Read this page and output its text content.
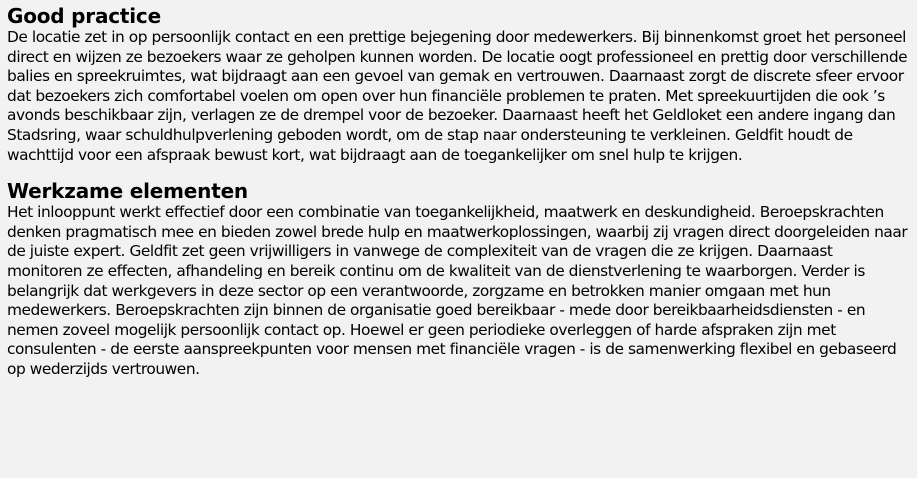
Good practice

De locatie zet in op persoonlijk contact en een prettige bejegening door medewerkers. Bij binnenkomst groet het personeel direct en wijzen ze bezoekers waar ze geholpen kunnen worden. De locatie oogt professioneel en prettig door verschillende balies en spreekruimtes, wat bijdraagt aan een gevoel van gemak en vertrouwen. Daarnaast zorgt de discrete sfeer ervoor dat bezoekers zich comfortabel voelen om open over hun financiële problemen te praten. Met spreekuurtijden die ook ’s avonds beschikbaar zijn, verlagen ze de drempel voor de bezoeker. Daarnaast heeft het Geldloket een andere ingang dan Stadsring, waar schuldhulpverlening geboden wordt, om de stap naar ondersteuning te verkleinen. Geldfit houdt de wachttijd voor een afspraak bewust kort, wat bijdraagt aan de toegankelijker om snel hulp te krijgen.

Werkzame elementen

Het inlooppunt werkt effectief door een combinatie van toegankelijkheid, maatwerk en deskundigheid. Beroepskrachten denken pragmatisch mee en bieden zowel brede hulp en maatwerkoplossingen, waarbij zij vragen direct doorgeleiden naar de juiste expert. Geldfit zet geen vrijwilligers in vanwege de complexiteit van de vragen die ze krijgen. Daarnaast monitoren ze effecten, afhandeling en bereik continu om de kwaliteit van de dienstverlening te waarborgen. Verder is belangrijk dat werkgevers in deze sector op een verantwoorde, zorgzame en betrokken manier omgaan met hun medewerkers. Beroepskrachten zijn binnen de organisatie goed bereikbaar - mede door bereikbaarheidsdiensten - en nemen zoveel mogelijk persoonlijk contact op. Hoewel er geen periodieke overleggen of harde afspraken zijn met consulenten - de eerste aanspreekpunten voor mensen met financiële vragen - is de samenwerking flexibel en gebaseerd op wederzijds vertrouwen.
